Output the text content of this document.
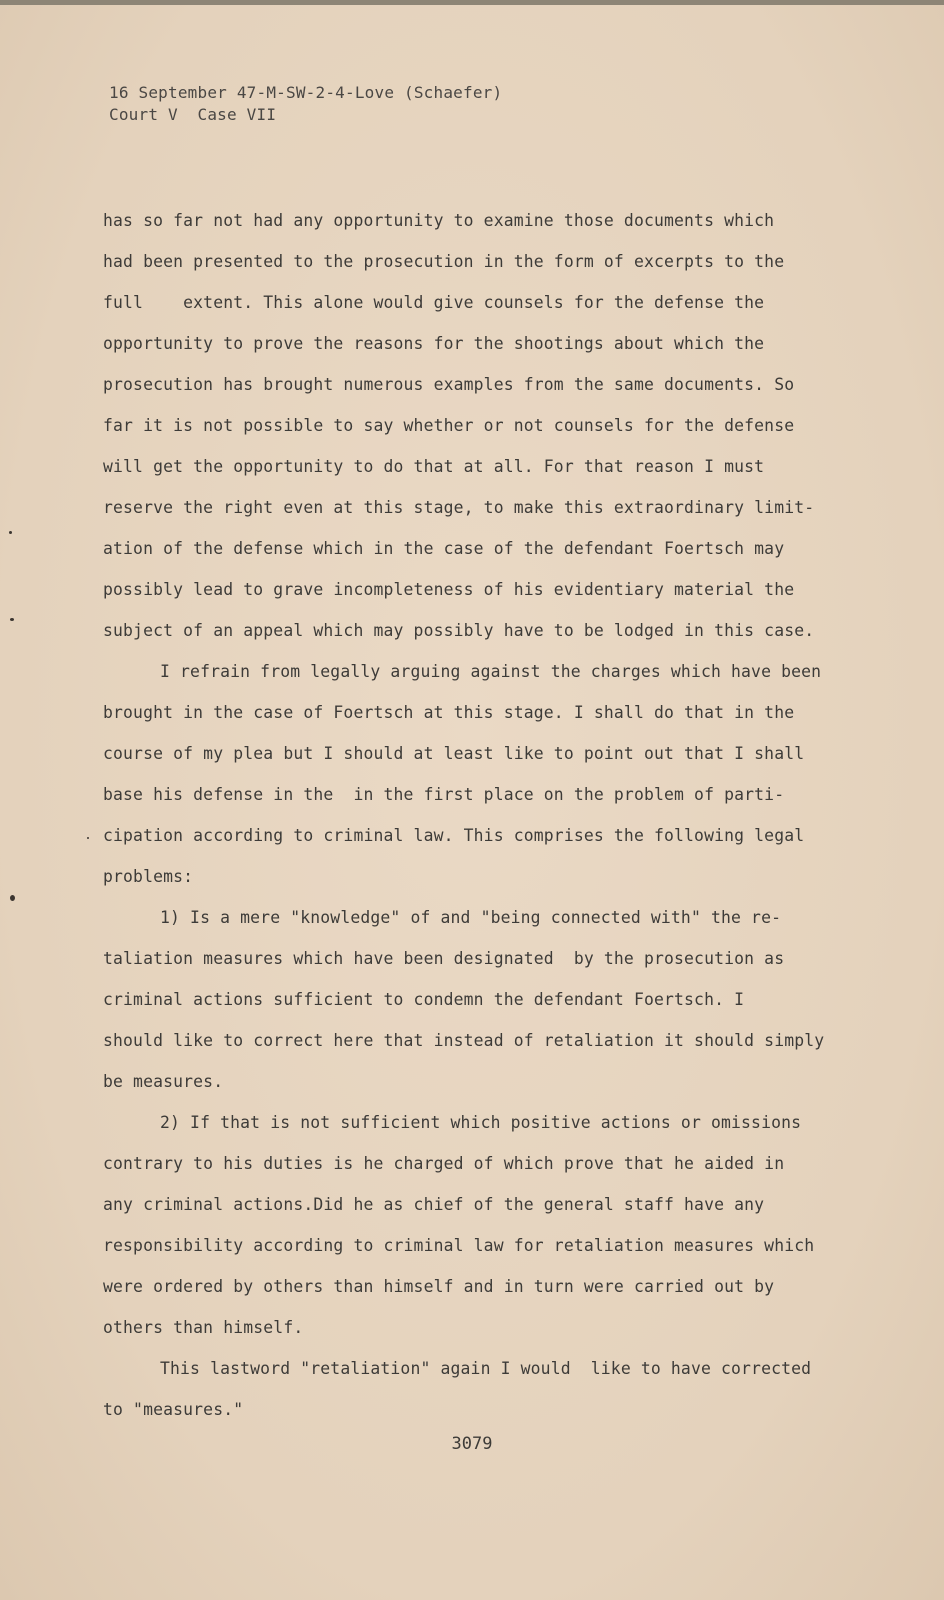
16 September 47-M-SW-2-4-Love (Schaefer)
Court V  Case VII
has so far not had any opportunity to examine those documents which
had been presented to the prosecution in the form of excerpts to the
full    extent. This alone would give counsels for the defense the
opportunity to prove the reasons for the shootings about which the
prosecution has brought numerous examples from the same documents. So
far it is not possible to say whether or not counsels for the defense
will get the opportunity to do that at all. For that reason I must
reserve the right even at this stage, to make this extraordinary limit-
ation of the defense which in the case of the defendant Foertsch may
possibly lead to grave incompleteness of his evidentiary material the
subject of an appeal which may possibly have to be lodged in this case.
I refrain from legally arguing against the charges which have been
brought in the case of Foertsch at this stage. I shall do that in the
course of my plea but I should at least like to point out that I shall
base his defense in the  in the first place on the problem of parti-
cipation according to criminal law. This comprises the following legal
problems:
1) Is a mere "knowledge" of and "being connected with" the re-
taliation measures which have been designated  by the prosecution as
criminal actions sufficient to condemn the defendant Foertsch. I
should like to correct here that instead of retaliation it should simply
be measures.
2) If that is not sufficient which positive actions or omissions
contrary to his duties is he charged of which prove that he aided in
any criminal actions.Did he as chief of the general staff have any
responsibility according to criminal law for retaliation measures which
were ordered by others than himself and in turn were carried out by
others than himself.
This lastword "retaliation" again I would  like to have corrected
to "measures."
3079
